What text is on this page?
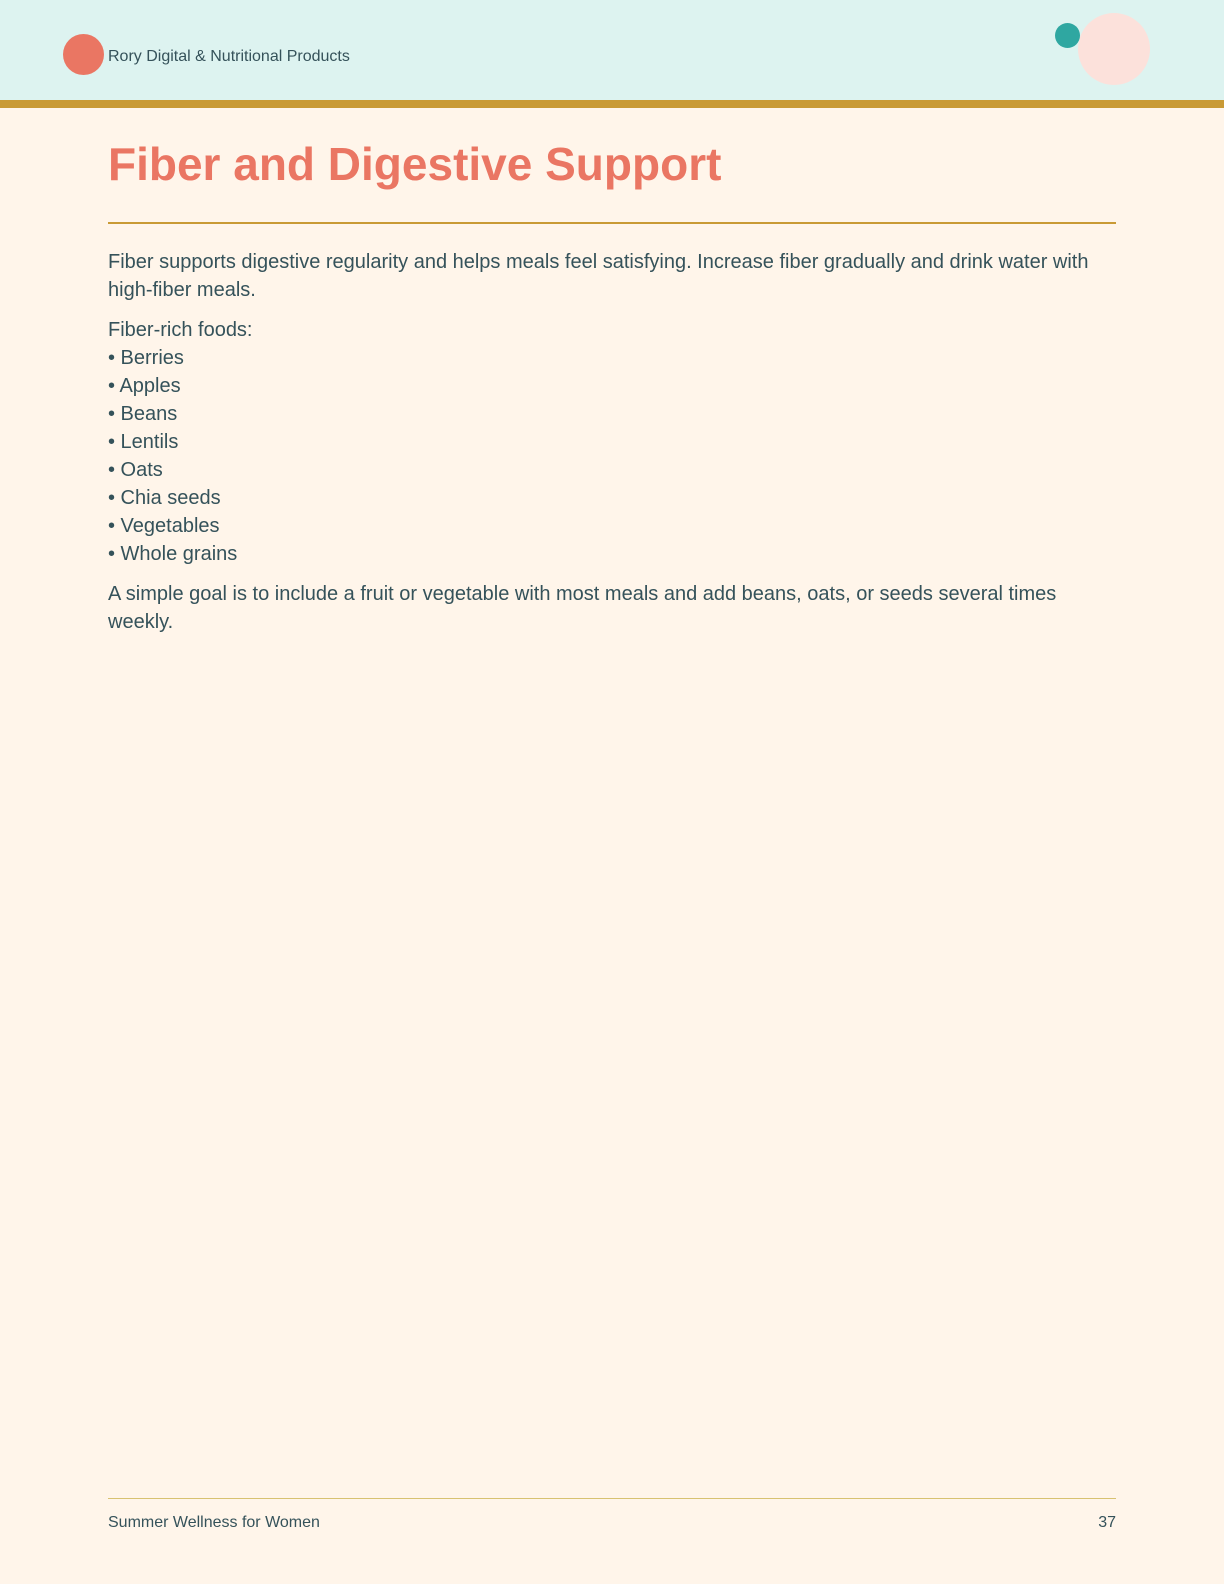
Rory Digital & Nutritional Products
Fiber and Digestive Support

Fiber supports digestive regularity and helps meals feel satisfying. Increase fiber gradually and drink water with high-fiber meals.

Fiber-rich foods:

• Berries
• Apples
• Beans
• Lentils
• Oats
• Chia seeds
• Vegetables
• Whole grains

A simple goal is to include a fruit or vegetable with most meals and add beans, oats, or seeds several times weekly.

Summer Wellness for Women	37
